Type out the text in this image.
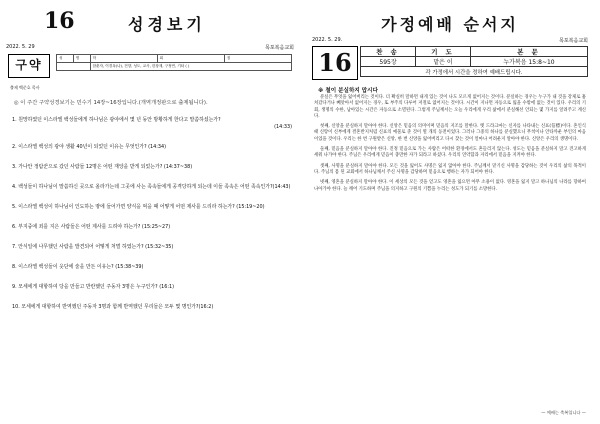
16	성경보기
2022. 5. 29	목포복음교회
구약	성	명	학	회	점
		함춘자, 이경옥(나), 전향, 성도, 교사, 한창재, 구정연, 기타 ( )		
출제 백준호 목사
◎ 이 주간 구약성경보기는 민수기 14장~16장입니다.(개역개정판으로 출제됩니다).
1. 원망하였던 이스라엘 백성들에게 하나님은 광야에서 몇 년 동안 방황하게 한다고 말씀하셨는가?
(14:33)
2. 이스라엘 백성의 광야 생활 40년이 되었던 이유는 무엇인가? (14:34)
3. 가나안 정탐꾼으로 갔던 사람들 12명은 어떤 재앙을 받게 되었는가? (14:37~38)
4. 백성들이 하나님이 말씀하신 곳으로 올라가는데 그곳에 사는 족속들에게 공격당하게 되는데 이들 족속은 어떤 족속인가?(14:43)
5. 이스라엘 백성이 하나님이 인도하는 땅에 들어가면 양식을 먹을 때 어떻게 어떤 제사를 드리라 하는가? (15:19~20)
6. 부지중에 죄를 지은 사람들은 어떤 제사를 드려야 하는가? (15:25~27)
7. 안식일에 나무했던 사람을 발견되어 어떻게 처벌 하였는가? (15:32~35)
8. 이스라엘 백성들이 옷단에 술을 만든 이유는? (15:38~39)
9. 모세에게 대항하여 당을 만들고 반란했던 주동자 3명은 누구인가? (16:1)
10. 모세에게 대항하여 반역했던 주동자 3명과 함께 반역했던 무리들은 모두 몇 명인가?(16:2)
가정예배 순서지
2022. 5. 29.	목포복음교회
16	찬 송	기 도	본 문
595장	맡은 이	누가복음 15:8~10
각 가정에서 시간을 정하여 예배드립시다.		
※ 철이 분실하지 맙시다

분실은 무엇을 잃어버리는 것이다. 더 확실히 말하면 내게 있는 것이 나도 모르게 없어지는 것이다. 분실하는 경우는 누구가 내 것을 강제로 훔쳐갔다거나 빼앗아서 없어지는 경우, 또 부주의 다루어 저절로 없어지는 것이다. 시간이 지나면 자동으로 잃을 수밖에 없는 것이 있다. 우리의 기회, 생명의 수한, 남아있는 시간은 자동으로 소멸된다. 그렇게 주님께서는 오늘 우리에게 우리 삶에서 분실해선 안되는 몇 가지를 알려주고 계신다.

첫째, 신앙을 분실하지 말아야 한다. 신앙은 믿음의 의미이며 믿음의 지조를 말한다. 옛 드라크마는 신자를 나타내는 신표(信標)이다. 혼인식 때 신랑이 신부에게 결혼반지처럼 신표의 예물로 준 것이 열 개의 동전이었다. 그러나 그중의 하나를 분실했으니 무척이나 안타까운 부인의 마음이었을 것이다. 우리는 한 번 구원받은 신앙, 한 번 신앙을 잃어버리고 다시 찾는 것이 얼마나 어려운지 알아야 한다. 신앙은 우리의 생명이다.

둘째, 믿음을 분실하지 말아야 한다. 진정 믿음으로 가는 사람은 어떠한 환경에서도 흔들리지 않는다. 성도는 믿음을 분실하지 말고 견고하게 세워 나가야 한다. 주님은 우리에게 믿음이 충만한 자가 되라고 하셨다. 우리의 연약함과 자리에서 믿음을 지켜야 한다.

셋째, 사명을 분실하지 말아야 한다. 모든 것을 잃어도 사명은 잃지 않아야 한다. 주님께서 맡기신 사명을 감당하는 것이 우리의 삶의 목적이다. 주님의 몸 된 교회에서 하나님께서 주신 사명을 감당하며 믿음으로 행하는 자가 되어야 한다.

넷째, 영혼을 분실하지 말아야 한다. 이 세상의 모든 것을 얻고도 영혼을 잃으면 아무 소용이 없다. 영혼을 잃지 말고 하나님의 나라를 향하여 나아가야 한다. 늘 깨어 기도하며 주님을 의지하고 구원의 기쁨을 누리는 성도가 되기를 소망한다.

— 예배는 축복입니다 —
